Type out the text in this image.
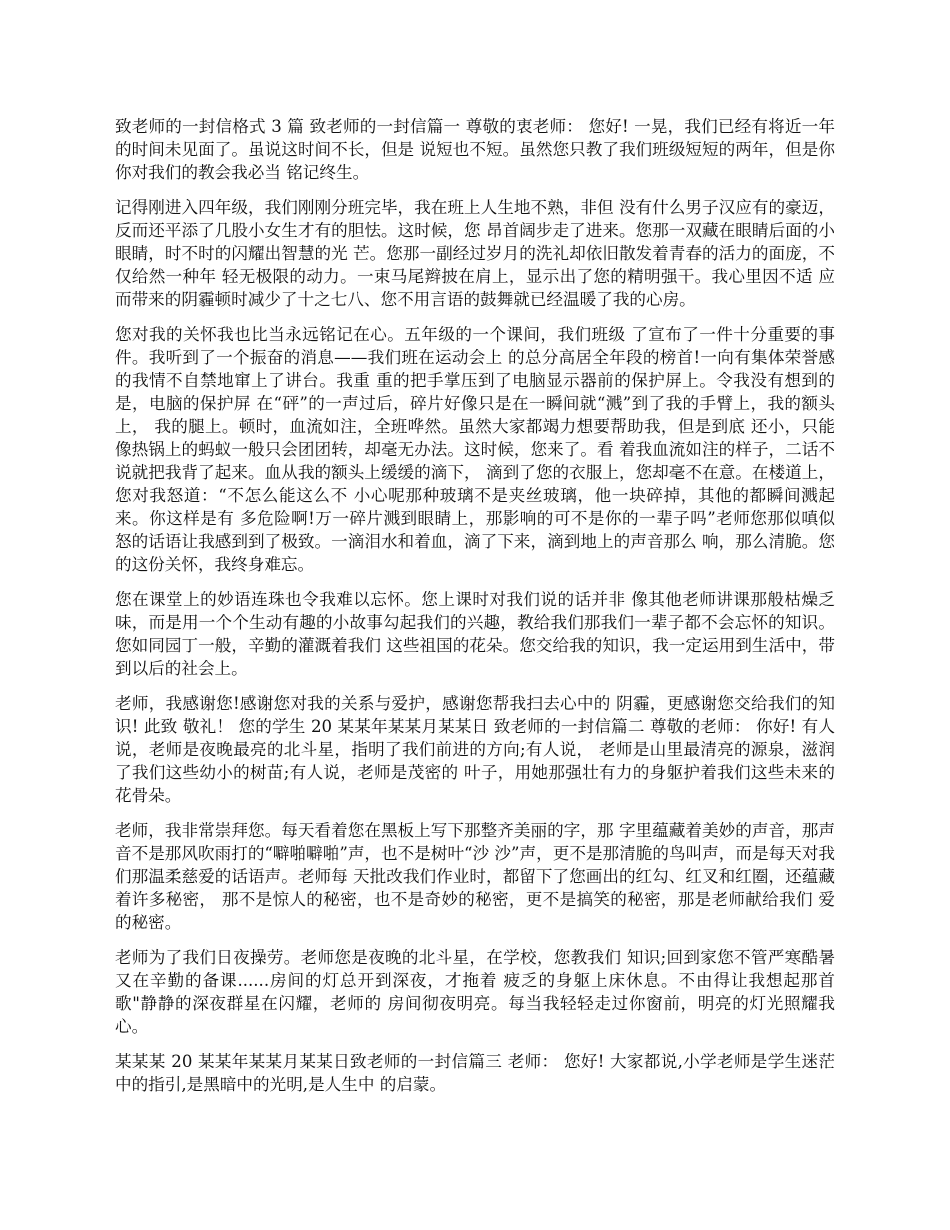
致老师的一封信格式 3 篇 致老师的一封信篇一 尊敬的衷老师： 您好! 一晃，我们已经有将近一年的时间未见面了。虽说这时间不长，但是 说短也不短。虽然您只教了我们班级短短的两年，但是你你对我们的教会我必当 铭记终生。

记得刚进入四年级，我们刚刚分班完毕，我在班上人生地不熟，非但 没有什么男子汉应有的豪迈，反而还平添了几股小女生才有的胆怯。这时候，您 昂首阔步走了进来。您那一双藏在眼睛后面的小眼睛，时不时的闪耀出智慧的光 芒。您那一副经过岁月的洗礼却依旧散发着青春的活力的面庞，不仅给然一种年 轻无极限的动力。一束马尾辫披在肩上，显示出了您的精明强干。我心里因不适 应而带来的阴霾顿时减少了十之七八、您不用言语的鼓舞就已经温暖了我的心房。

您对我的关怀我也比当永远铭记在心。五年级的一个课间，我们班级 了宣布了一件十分重要的事件。我听到了一个振奋的消息——我们班在运动会上 的总分高居全年段的榜首!一向有集体荣誉感的我情不自禁地窜上了讲台。我重 重的把手掌压到了电脑显示器前的保护屏上。令我没有想到的是，电脑的保护屏 在“砰”的一声过后，碎片好像只是在一瞬间就“溅”到了我的手臂上，我的额头上， 我的腿上。顿时，血流如注，全班哗然。虽然大家都竭力想要帮助我，但是到底 还小，只能像热锅上的蚂蚁一般只会团团转，却毫无办法。这时候，您来了。看 着我血流如注的样子，二话不说就把我背了起来。血从我的额头上缓缓的滴下， 滴到了您的衣服上，您却毫不在意。在楼道上，您对我怒道：“不怎么能这么不 小心呢那种玻璃不是夹丝玻璃，他一块碎掉，其他的都瞬间溅起来。你这样是有 多危险啊!万一碎片溅到眼睛上，那影响的可不是你的一辈子吗”老师您那似嗔似 怒的话语让我感到到了极致。一滴泪水和着血，滴了下来，滴到地上的声音那么 响，那么清脆。您的这份关怀，我终身难忘。

您在课堂上的妙语连珠也令我难以忘怀。您上课时对我们说的话并非 像其他老师讲课那般枯燥乏味，而是用一个个生动有趣的小故事勾起我们的兴趣，教给我们那我们一辈子都不会忘怀的知识。您如同园丁一般，辛勤的灌溉着我们 这些祖国的花朵。您交给我的知识，我一定运用到生活中，带到以后的社会上。

老师，我感谢您!感谢您对我的关系与爱护，感谢您帮我扫去心中的 阴霾，更感谢您交给我们的知识! 此致 敬礼！ 您的学生 20 某某年某某月某某日 致老师的一封信篇二 尊敬的老师： 你好! 有人说，老师是夜晚最亮的北斗星，指明了我们前进的方向;有人说， 老师是山里最清亮的源泉，滋润了我们这些幼小的树苗;有人说，老师是茂密的 叶子，用她那强壮有力的身躯护着我们这些未来的花骨朵。

老师，我非常崇拜您。每天看着您在黑板上写下那整齐美丽的字，那 字里蕴藏着美妙的声音，那声音不是那风吹雨打的“噼啪噼啪”声，也不是树叶“沙 沙”声，更不是那清脆的鸟叫声，而是每天对我们那温柔慈爱的话语声。老师每 天批改我们作业时，都留下了您画出的红勾、红叉和红圈，还蕴藏着许多秘密， 那不是惊人的秘密，也不是奇妙的秘密，更不是搞笑的秘密，那是老师献给我们 爱的秘密。

老师为了我们日夜操劳。老师您是夜晚的北斗星，在学校，您教我们 知识;回到家您不管严寒酷暑又在辛勤的备课......房间的灯总开到深夜，才拖着 疲乏的身躯上床休息。不由得让我想起那首歌"静静的深夜群星在闪耀，老师的 房间彻夜明亮。每当我轻轻走过你窗前，明亮的灯光照耀我心。

某某某 20 某某年某某月某某日致老师的一封信篇三 老师： 您好! 大家都说,小学老师是学生迷茫中的指引,是黑暗中的光明,是人生中 的启蒙。
